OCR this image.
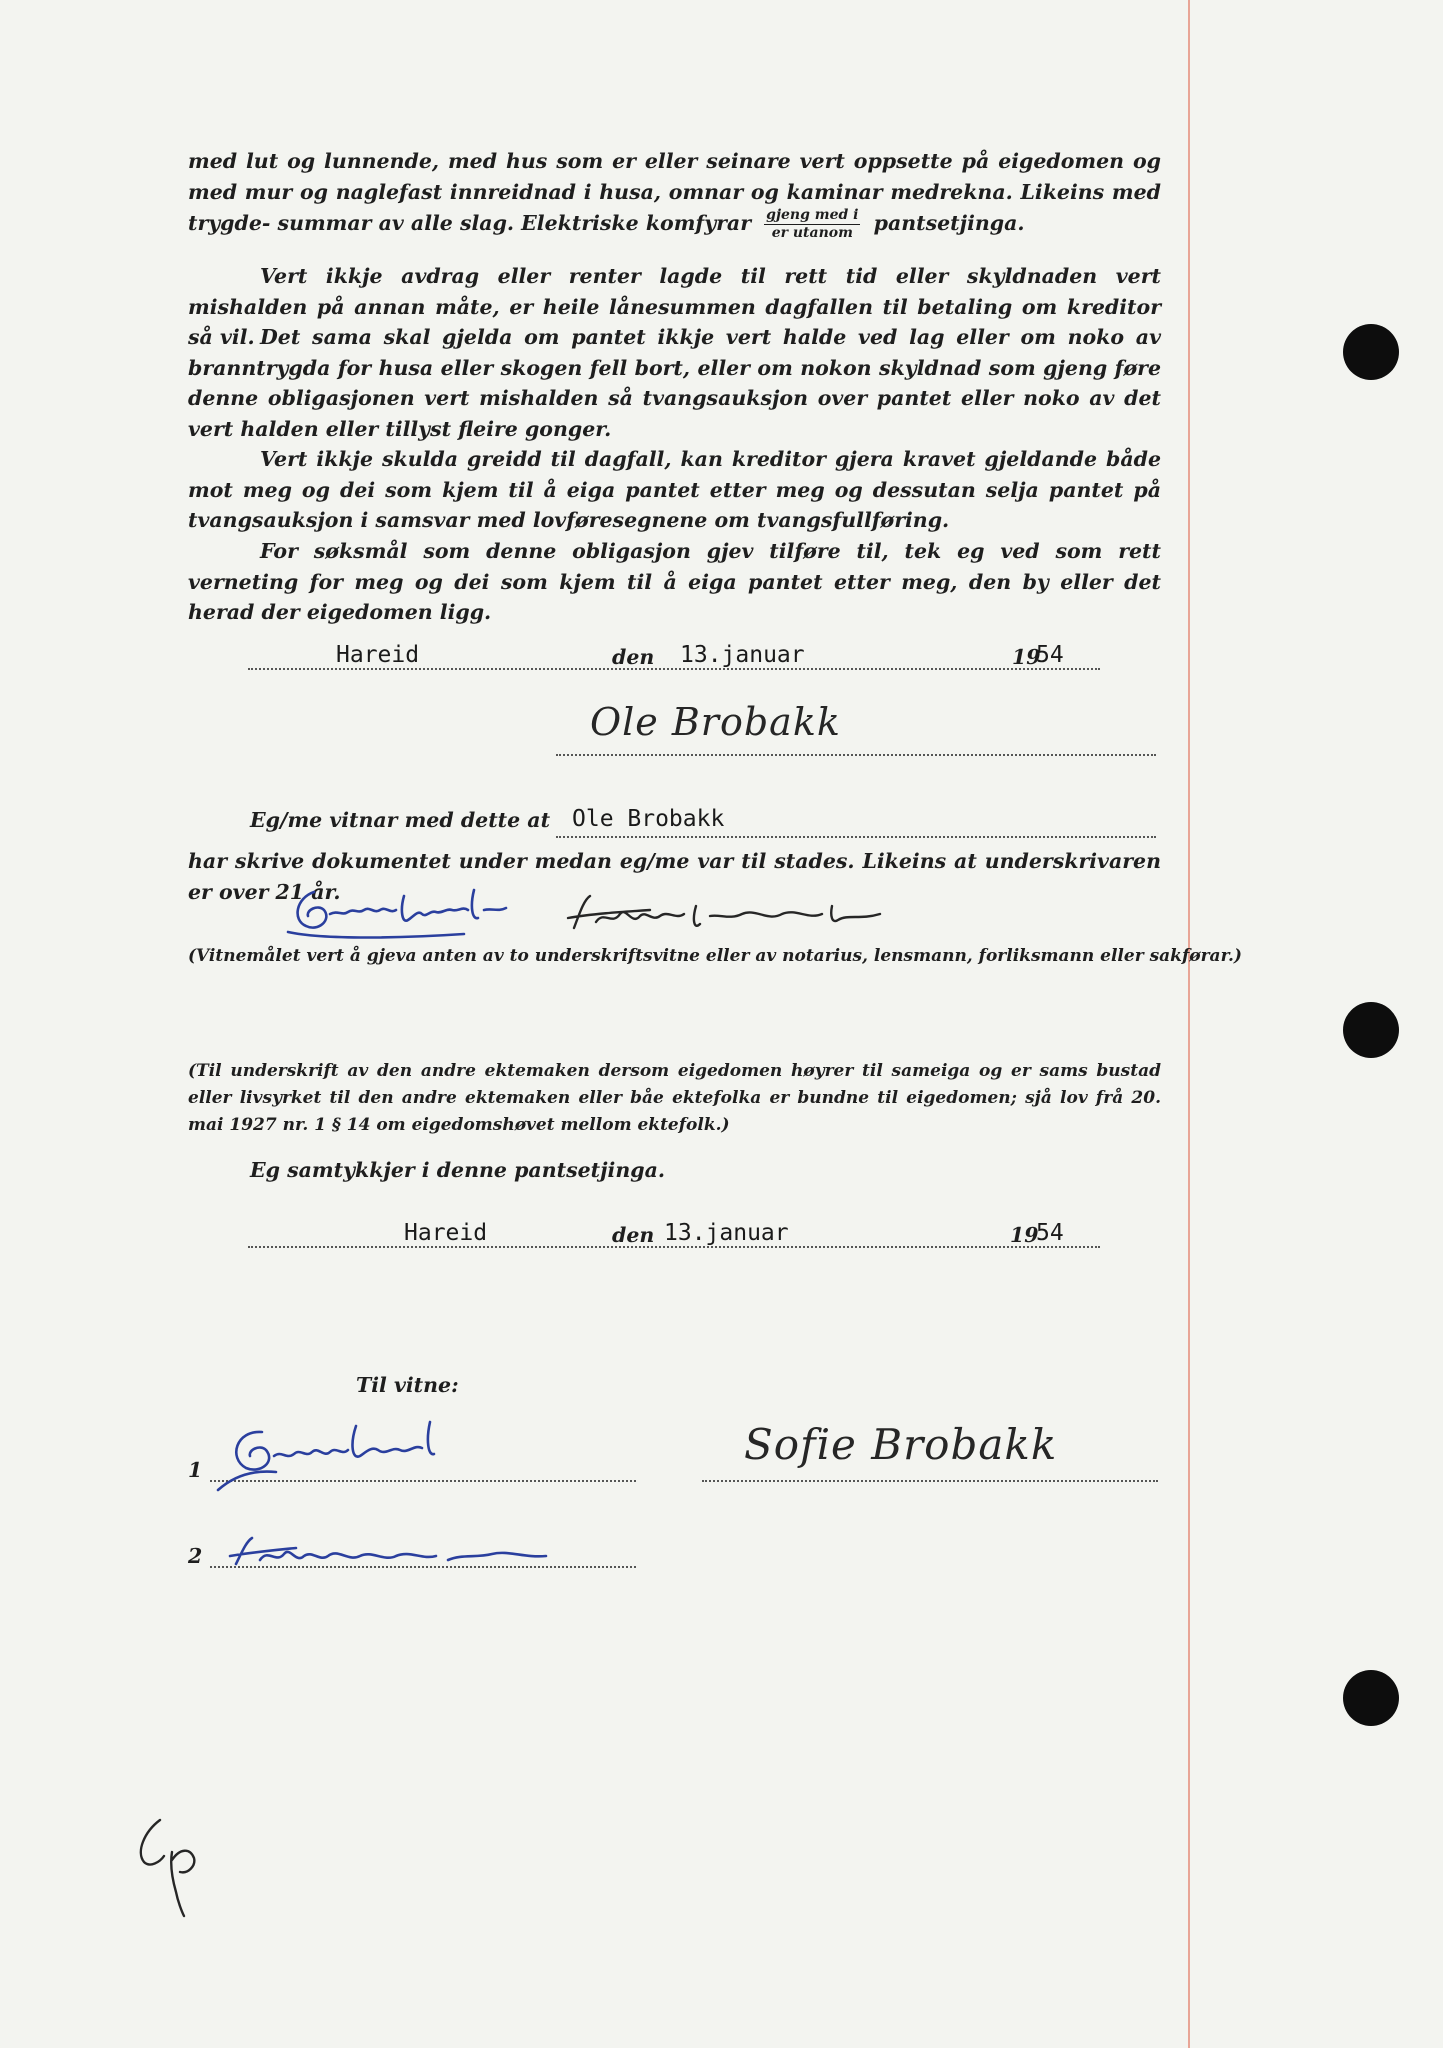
med lut og lunnende, med hus som er eller seinare vert oppsette på eigedomen og med mur og naglefast innreidnad i husa, omnar og kaminar medrekna. Likeins med trygde- summar av alle slag. Elektriske komfyrar $\frac{\text{gjeng med i}}{\text{er utanom}}$ pantsetjinga.

Vert ikkje avdrag eller renter lagde til rett tid eller skyldnaden vert mishalden på annan måte, er heile lånesummen dagfallen til betaling om kreditor så vil. Det sama skal gjelda om pantet ikkje vert halde ved lag eller om noko av branntrygda for husa eller skogen fell bort, eller om nokon skyldnad som gjeng føre denne obligasjonen vert mishalden så tvangsauksjon over pantet eller noko av det vert halden eller tillyst fleire gonger.

Vert ikkje skulda greidd til dagfall, kan kreditor gjera kravet gjeldande både mot meg og dei som kjem til å eiga pantet etter meg og dessutan selja pantet på tvangsauksjon i samsvar med lovføresegnene om tvangsfullføring.

For søksmål som denne obligasjon gjev tilføre til, tek eg ved som rett verneting for meg og dei som kjem til å eiga pantet etter meg, den by eller det herad der eigedomen ligg.

Hareid	den 13.januar	19
54
Ole Brobakk
Eg/me vitnar med dette at Ole Brobakk

har skrive dokumentet under medan eg/me var til stades. Likeins at underskrivaren er over 21 år.

(Vitnemålet vert å gjeva anten av to underskriftsvitne eller av notarius, lensmann, forliksmann eller sakførar.)

(Til underskrift av den andre ektemaken dersom eigedomen høyrer til sameiga og er sams bustad eller livsyrket til den andre ektemaken eller båe ektefolka er bundne til eigedomen; sjå lov frå 20. mai 1927 nr. 1 § 14 om eigedomshøvet mellom ektefolk.)

Eg samtykkjer i denne pantsetjinga.
Hareid	den 13.januar	19
54
Til vitne:
1
Sofie Brobakk
2
